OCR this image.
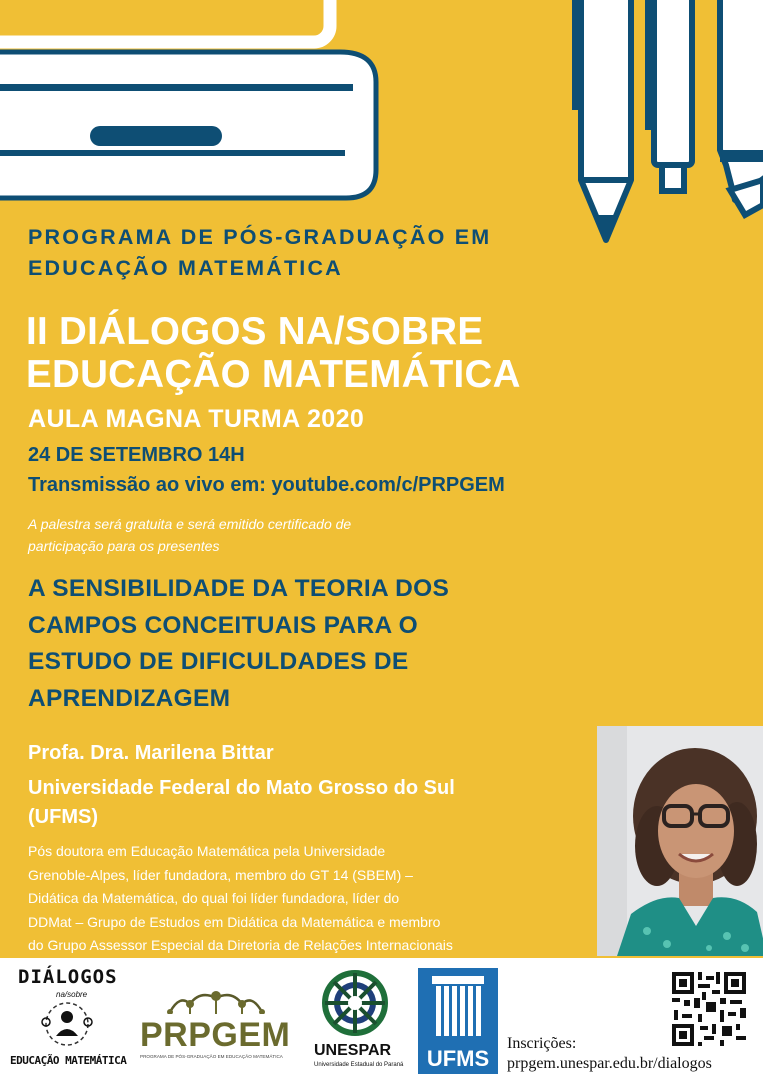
PROGRAMA DE PÓS-GRADUAÇÃO EM
EDUCAÇÃO MATEMÁTICA
II DIÁLOGOS NA/SOBRE
EDUCAÇÃO MATEMÁTICA
AULA MAGNA TURMA 2020
24 DE SETEMBRO 14H
Transmissão ao vivo em: youtube.com/c/PRPGEM
A palestra será gratuita e será emitido certificado de
participação para os presentes
A SENSIBILIDADE DA TEORIA DOS
CAMPOS CONCEITUAIS PARA O
ESTUDO DE DIFICULDADES DE
APRENDIZAGEM
Profa. Dra. Marilena Bittar
Universidade Federal do Mato Grosso do Sul
(UFMS)
Pós doutora em Educação Matemática pela Universidade
Grenoble-Alpes, líder fundadora, membro do GT 14 (SBEM) –
Didática da Matemática, do qual foi líder fundadora, líder do
DDMat – Grupo de Estudos em Didática da Matemática e membro
do Grupo Assessor Especial da Diretoria de Relações Internacionais
DIÁLOGOS
na/sobre
EDUCAÇÃO MATEMÁTICA
PRPGEM
PROGRAMA DE PÓS-GRADUAÇÃO EM EDUCAÇÃO MATEMÁTICA UNESPAR
Universidade Estadual do Paraná	UFMS
Inscrições:
prpgem.unespar.edu.br/dialogos
